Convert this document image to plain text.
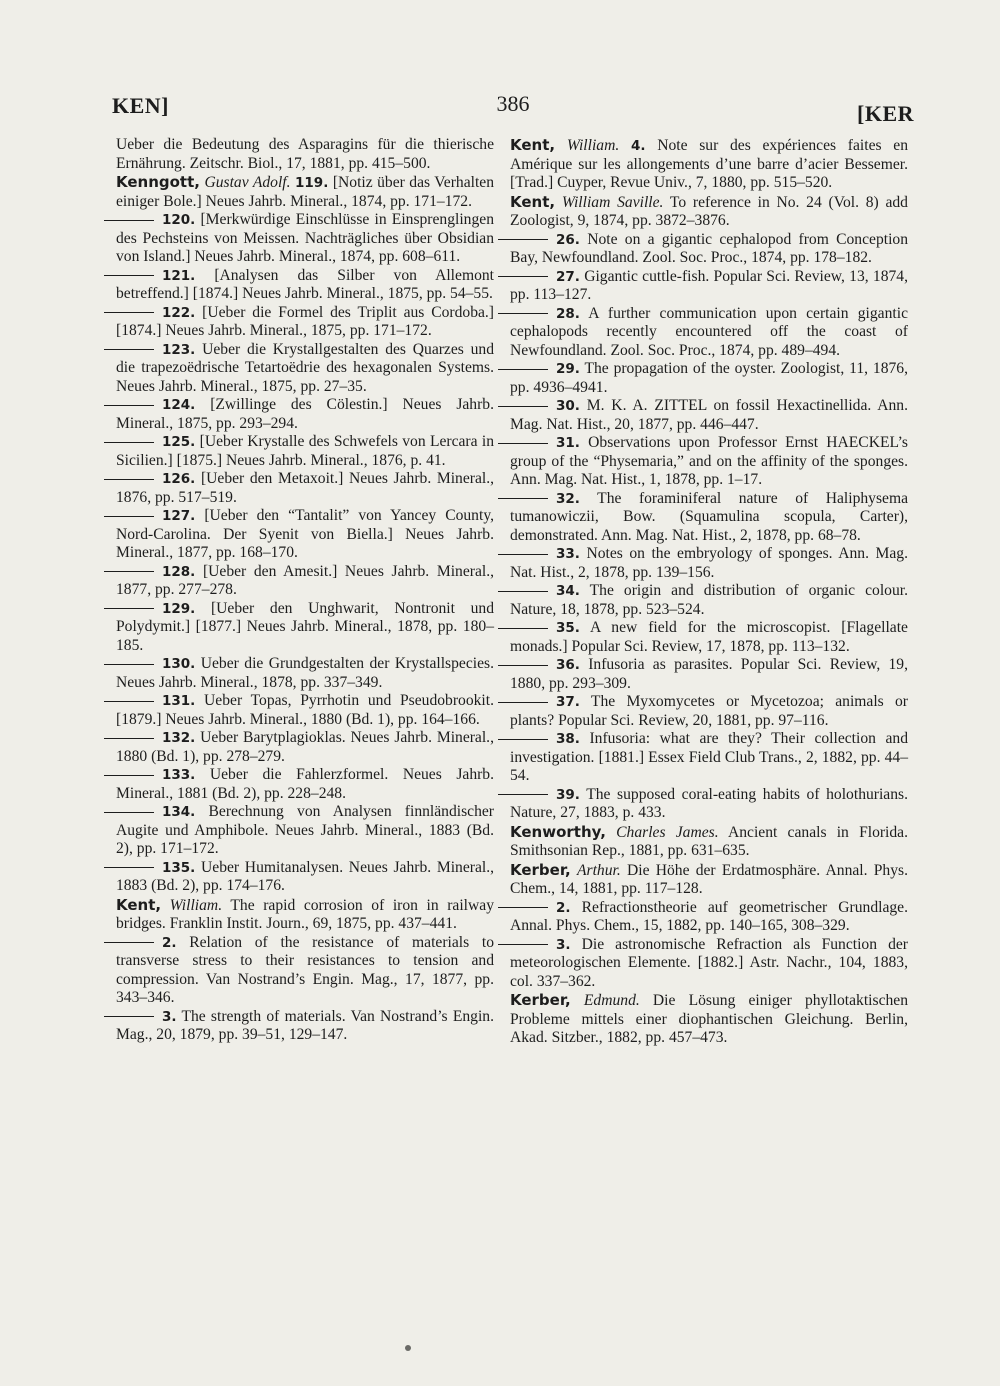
KEN]	386	[KER

Ueber die Bedeutung des Asparagins für die thierische Ernährung. Zeitschr. Biol., 17, 1881, pp. 415–500.

Kenngott, Gustav Adolf. 119. [Notiz über das Verhalten einiger Bole.] Neues Jahrb. Mineral., 1874, pp. 171–172.

120. [Merkwürdige Einschlüsse in Einsprenglingen des Pechsteins von Meissen. Nachträgliches über Obsidian von Island.] Neues Jahrb. Mineral., 1874, pp. 608–611.

121. [Analysen das Silber von Allemont betreffend.] [1874.] Neues Jahrb. Mineral., 1875, pp. 54–55.

122. [Ueber die Formel des Triplit aus Cordoba.] [1874.] Neues Jahrb. Mineral., 1875, pp. 171–172.

123. Ueber die Krystallgestalten des Quarzes und die trapezoëdrische Tetartoëdrie des hexagonalen Systems. Neues Jahrb. Mineral., 1875, pp. 27–35.

124. [Zwillinge des Cölestin.] Neues Jahrb. Mineral., 1875, pp. 293–294.

125. [Ueber Krystalle des Schwefels von Lercara in Sicilien.] [1875.] Neues Jahrb. Mineral., 1876, p. 41.

126. [Ueber den Metaxoit.] Neues Jahrb. Mineral., 1876, pp. 517–519.

127. [Ueber den “Tantalit” von Yancey County, Nord-Carolina. Der Syenit von Biella.] Neues Jahrb. Mineral., 1877, pp. 168–170.

128. [Ueber den Amesit.] Neues Jahrb. Mineral., 1877, pp. 277–278.

129. [Ueber den Unghwarit, Nontronit und Polydymit.] [1877.] Neues Jahrb. Mineral., 1878, pp. 180–185.

130. Ueber die Grundgestalten der Krystallspecies. Neues Jahrb. Mineral., 1878, pp. 337–349.

131. Ueber Topas, Pyrrhotin und Pseudobrookit. [1879.] Neues Jahrb. Mineral., 1880 (Bd. 1), pp. 164–166.

132. Ueber Barytplagioklas. Neues Jahrb. Mineral., 1880 (Bd. 1), pp. 278–279.

133. Ueber die Fahlerzformel. Neues Jahrb. Mineral., 1881 (Bd. 2), pp. 228–248.

134. Berechnung von Analysen finnländischer Augite und Amphibole. Neues Jahrb. Mineral., 1883 (Bd. 2), pp. 171–172.

135. Ueber Humitanalysen. Neues Jahrb. Mineral., 1883 (Bd. 2), pp. 174–176.

Kent, William. The rapid corrosion of iron in railway bridges. Franklin Instit. Journ., 69, 1875, pp. 437–441.

2. Relation of the resistance of materials to transverse stress to their resistances to tension and compression. Van Nostrand’s Engin. Mag., 17, 1877, pp. 343–346.

3. The strength of materials. Van Nostrand’s Engin. Mag., 20, 1879, pp. 39–51, 129–147.

Kent, William. 4. Note sur des expériences faites en Amérique sur les allongements d’une barre d’acier Bessemer. [Trad.] Cuyper, Revue Univ., 7, 1880, pp. 515–520.

Kent, William Saville. To reference in No. 24 (Vol. 8) add Zoologist, 9, 1874, pp. 3872–3876.

26. Note on a gigantic cephalopod from Conception Bay, Newfoundland. Zool. Soc. Proc., 1874, pp. 178–182.

27. Gigantic cuttle-fish. Popular Sci. Review, 13, 1874, pp. 113–127.

28. A further communication upon certain gigantic cephalopods recently encountered off the coast of Newfoundland. Zool. Soc. Proc., 1874, pp. 489–494.

29. The propagation of the oyster. Zoologist, 11, 1876, pp. 4936–4941.

30. M. K. A. ZITTEL on fossil Hexactinellida. Ann. Mag. Nat. Hist., 20, 1877, pp. 446–447.

31. Observations upon Professor Ernst HAECKEL’s group of the “Physemaria,” and on the affinity of the sponges. Ann. Mag. Nat. Hist., 1, 1878, pp. 1–17.

32. The foraminiferal nature of Haliphysema tumanowiczii, Bow. (Squamulina scopula, Carter), demonstrated. Ann. Mag. Nat. Hist., 2, 1878, pp. 68–78.

33. Notes on the embryology of sponges. Ann. Mag. Nat. Hist., 2, 1878, pp. 139–156.

34. The origin and distribution of organic colour. Nature, 18, 1878, pp. 523–524.

35. A new field for the microscopist. [Flagellate monads.] Popular Sci. Review, 17, 1878, pp. 113–132.

36. Infusoria as parasites. Popular Sci. Review, 19, 1880, pp. 293–309.

37. The Myxomycetes or Mycetozoa; animals or plants? Popular Sci. Review, 20, 1881, pp. 97–116.

38. Infusoria: what are they? Their collection and investigation. [1881.] Essex Field Club Trans., 2, 1882, pp. 44–54.

39. The supposed coral-eating habits of holothurians. Nature, 27, 1883, p. 433.

Kenworthy, Charles James. Ancient canals in Florida. Smithsonian Rep., 1881, pp. 631–635.

Kerber, Arthur. Die Höhe der Erdatmosphäre. Annal. Phys. Chem., 14, 1881, pp. 117–128.

2. Refractionstheorie auf geometrischer Grundlage. Annal. Phys. Chem., 15, 1882, pp. 140–165, 308–329.

3. Die astronomische Refraction als Function der meteorologischen Elemente. [1882.] Astr. Nachr., 104, 1883, col. 337–362.

Kerber, Edmund. Die Lösung einiger phyllotaktischen Probleme mittels einer diophantischen Gleichung. Berlin, Akad. Sitzber., 1882, pp. 457–473.
